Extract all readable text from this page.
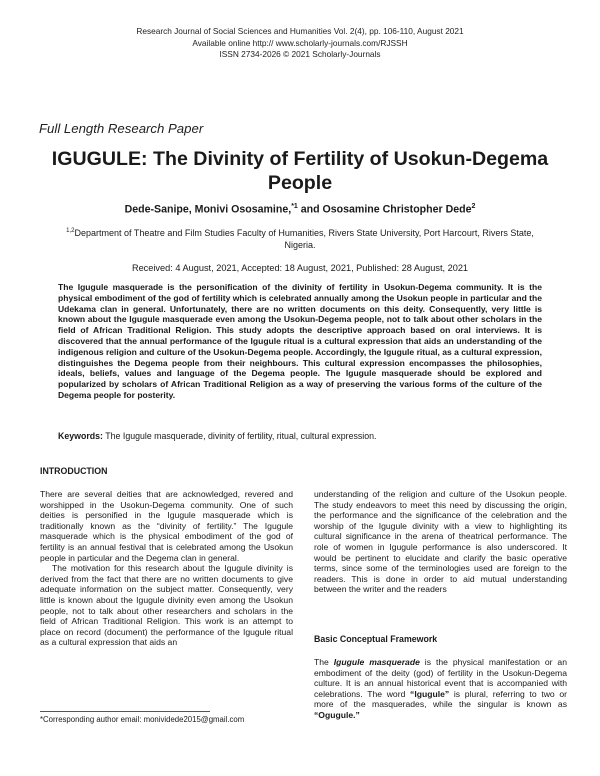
Research Journal of Social Sciences and Humanities Vol. 2(4), pp. 106-110, August 2021
Available online http:// www.scholarly-journals.com/RJSSH
ISSN 2734-2026 © 2021 Scholarly-Journals
Full Length Research Paper
IGUGULE: The Divinity of Fertility of Usokun-Degema People
Dede-Sanipe, Monivi Ososamine,$^{*1}$ and Ososamine Christopher Dede$^2$
$^{1,2}$Department of Theatre and Film Studies Faculty of Humanities, Rivers State University, Port Harcourt, Rivers State, Nigeria.
Received: 4 August, 2021, Accepted: 18 August, 2021, Published: 28 August, 2021
The Igugule masquerade is the personification of the divinity of fertility in Usokun-Degema community. It is the physical embodiment of the god of fertility which is celebrated annually among the Usokun people in particular and the Udekama clan in general. Unfortunately, there are no written documents on this deity. Consequently, very little is known about the Igugule masquerade even among the Usokun-Degema people, not to talk about other scholars in the field of African Traditional Religion. This study adopts the descriptive approach based on oral interviews. It is discovered that the annual performance of the Igugule ritual is a cultural expression that aids an understanding of the indigenous religion and culture of the Usokun-Degema people. Accordingly, the Igugule ritual, as a cultural expression, distinguishes the Degema people from their neighbours. This cultural expression encompasses the philosophies, ideals, beliefs, values and language of the Degema people. The Igugule masquerade should be explored and popularized by scholars of African Traditional Religion as a way of preserving the various forms of the culture of the Degema people for posterity.
Keywords: The Igugule masquerade, divinity of fertility, ritual, cultural expression.
INTRODUCTION

There are several deities that are acknowledged, revered and worshipped in the Usokun-Degema community. One of such deities is personified in the Igugule masquerade which is traditionally known as the “divinity of fertility.” The Igugule masquerade which is the physical embodiment of the god of fertility is an annual festival that is celebrated among the Usokun people in particular and the Degema clan in general.

The motivation for this research about the Igugule divinity is derived from the fact that there are no written documents to give adequate information on the subject matter. Consequently, very little is known about the Igugule divinity even among the Usokun people, not to talk about other researchers and scholars in the field of African Traditional Religion. This work is an attempt to place on record (document) the performance of the Igugule ritual as a cultural expression that aids an

understanding of the religion and culture of the Usokun people. The study endeavors to meet this need by discussing the origin, the performance and the significance of the celebration and the worship of the Igugule divinity with a view to highlighting its cultural significance in the arena of theatrical performance. The role of women in Igugule performance is also underscored. It would be pertinent to elucidate and clarify the basic operative terms, since some of the terminologies used are foreign to the readers. This is done in order to aid mutual understanding between the writer and the readers

Basic Conceptual Framework

The Igugule masquerade is the physical manifestation or an embodiment of the deity (god) of fertility in the Usokun-Degema culture. It is an annual historical event that is accompanied with celebrations. The word “Igugule” is plural, referring to two or more of the masquerades, while the singular is known as “Ogugule.”

*Corresponding author email: monividede2015@gmail.com
